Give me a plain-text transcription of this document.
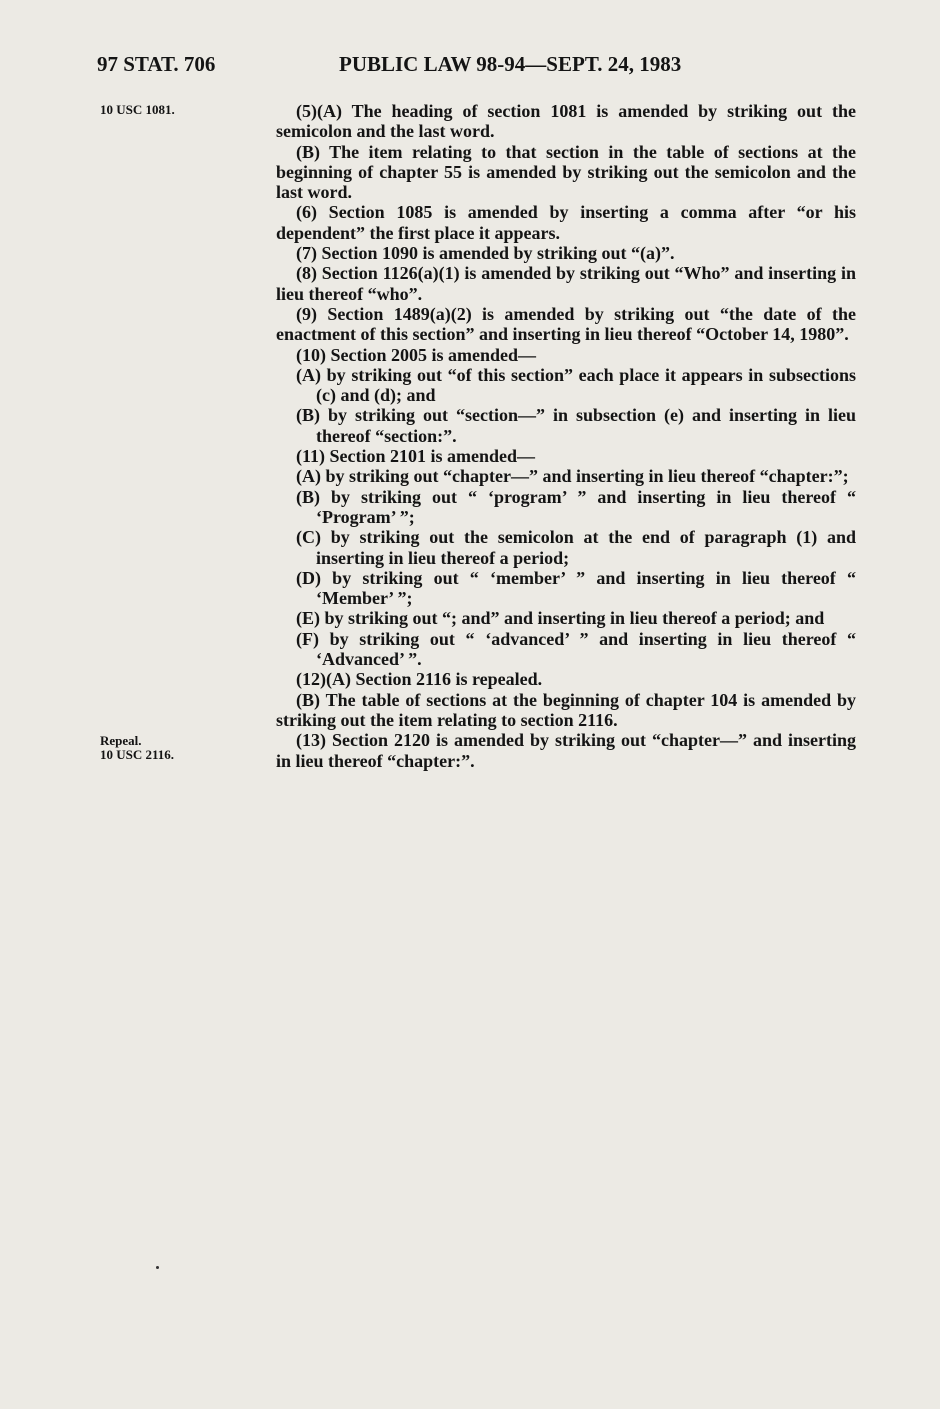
97 STAT. 706	PUBLIC LAW 98-94—SEPT. 24, 1983
10 USC 1081.
Repeal.
10 USC 2116.

(5)(A) The heading of section 1081 is amended by striking out the semicolon and the last word.

(B) The item relating to that section in the table of sections at the beginning of chapter 55 is amended by striking out the semicolon and the last word.

(6) Section 1085 is amended by inserting a comma after “or his dependent” the first place it appears.

(7) Section 1090 is amended by striking out “(a)”.

(8) Section 1126(a)(1) is amended by striking out “Who” and inserting in lieu thereof “who”.

(9) Section 1489(a)(2) is amended by striking out “the date of the enactment of this section” and inserting in lieu thereof “October 14, 1980”.

(10) Section 2005 is amended—

(A) by striking out “of this section” each place it appears in subsections (c) and (d); and

(B) by striking out “section—” in subsection (e) and inserting in lieu thereof “section:”.

(11) Section 2101 is amended—

(A) by striking out “chapter—” and inserting in lieu thereof “chapter:”;

(B) by striking out “ ‘program’ ” and inserting in lieu thereof “ ‘Program’ ”;

(C) by striking out the semicolon at the end of paragraph (1) and inserting in lieu thereof a period;

(D) by striking out “ ‘member’ ” and inserting in lieu thereof “ ‘Member’ ”;

(E) by striking out “; and” and inserting in lieu thereof a period; and

(F) by striking out “ ‘advanced’ ” and inserting in lieu thereof “ ‘Advanced’ ”.

(12)(A) Section 2116 is repealed.

(B) The table of sections at the beginning of chapter 104 is amended by striking out the item relating to section 2116.

(13) Section 2120 is amended by striking out “chapter—” and inserting in lieu thereof “chapter:”.
